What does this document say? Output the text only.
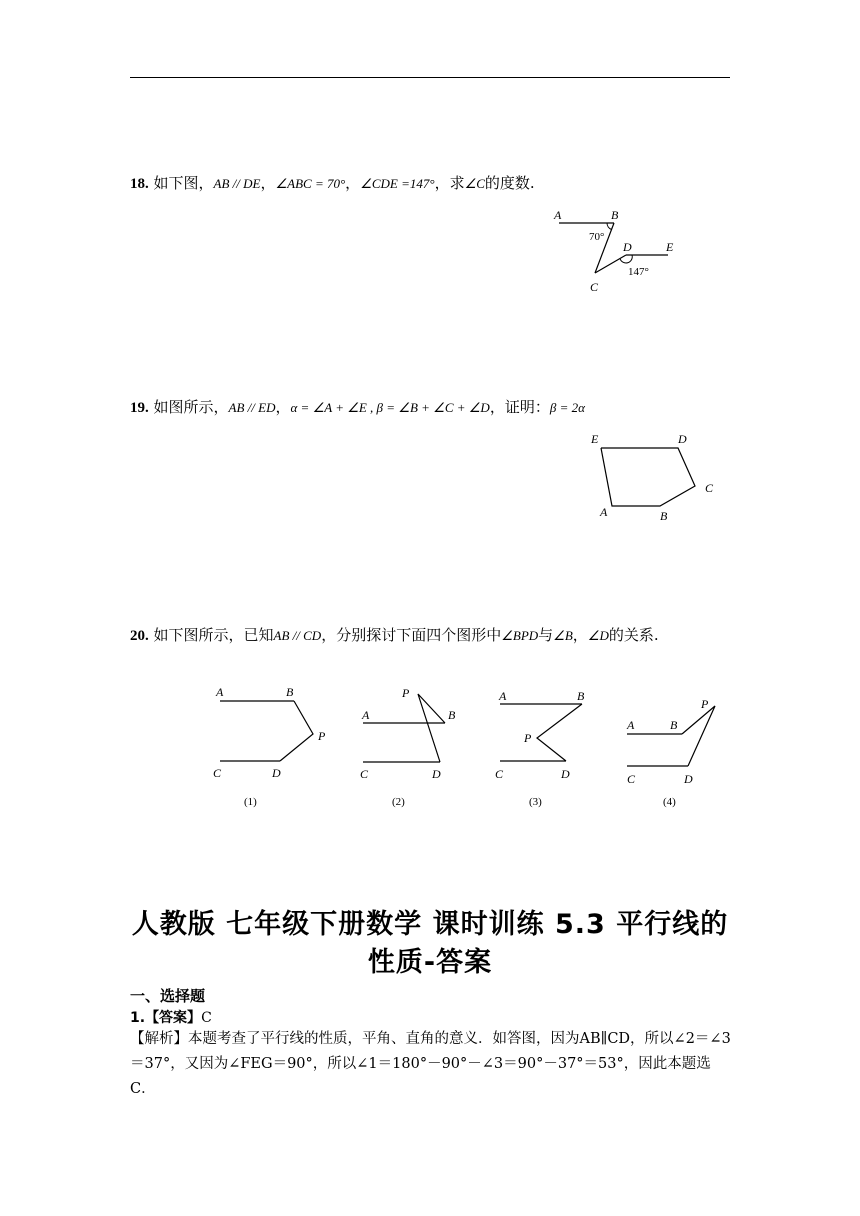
18. 如下图，AB // DE，∠ABC = 70°，∠CDE =147°，求∠C的度数.
A	B
C
D	E
70°
147°
19. 如图所示，AB // ED，α = ∠A + ∠E , β = ∠B + ∠C + ∠D，证明：β = 2α
E	D
C
A	B
20. 如下图所示，已知AB // CD，分别探讨下面四个图形中∠BPD与∠B，∠D的关系.
A	B
P
C	D
(1)
P
A	B
C	D
(2)
A	B
P
C	D
(3)
A	B
P
C	D
(4)
人教版 七年级下册数学 课时训练 5.3 平行线的性质-答案
一、选择题
1.【答案】C
【解析】本题考查了平行线的性质，平角、直角的意义．如答图，因为AB∥CD，所以∠2＝∠3＝37°，又因为∠FEG＝90°，所以∠1＝180°－90°－∠3＝90°－37°＝53°，因此本题选 C．
